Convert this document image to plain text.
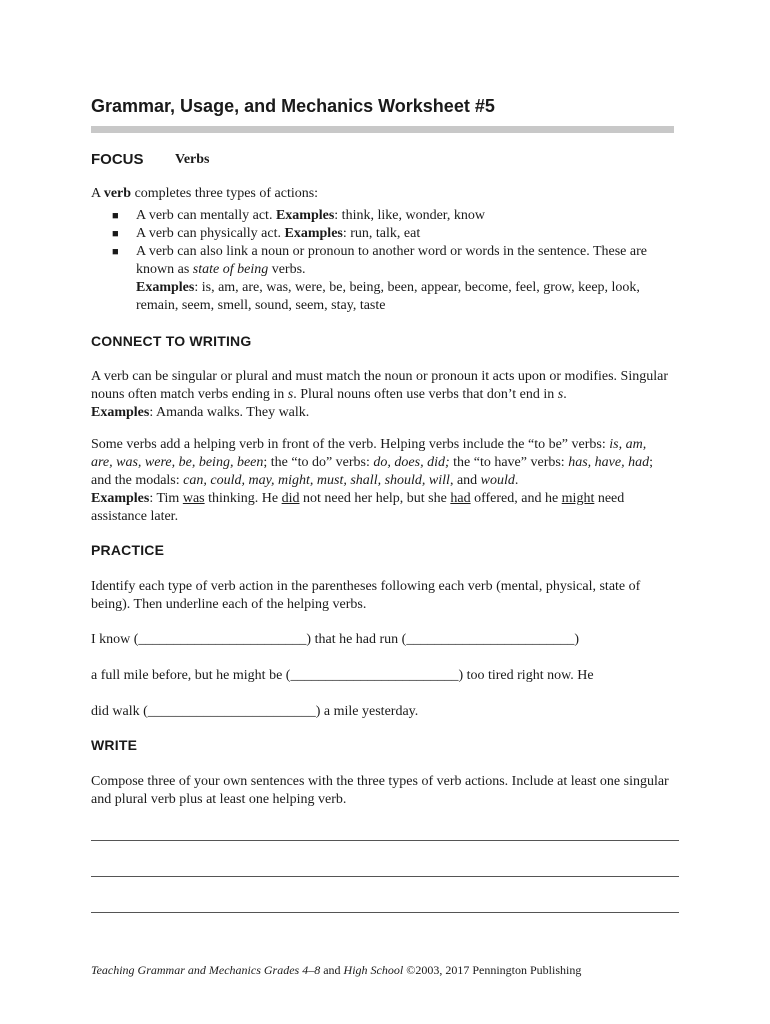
Grammar, Usage, and Mechanics Worksheet #5
FOCUS Verbs
A verb completes three types of actions:
■ A verb can mentally act. Examples: think, like, wonder, know
■ A verb can physically act. Examples: run, talk, eat
■ A verb can also link a noun or pronoun to another word or words in the sentence. These are known as state of being verbs.
Examples: is, am, are, was, were, be, being, been, appear, become, feel, grow, keep, look, remain, seem, smell, sound, seem, stay, taste
CONNECT TO WRITING
A verb can be singular or plural and must match the noun or pronoun it acts upon or modifies. Singular nouns often match verbs ending in s. Plural nouns often use verbs that don’t end in s.
Examples: Amanda walks. They walk.
Some verbs add a helping verb in front of the verb. Helping verbs include the “to be” verbs: is, am, are, was, were, be, being, been; the “to do” verbs: do, does, did; the “to have” verbs: has, have, had; and the modals: can, could, may, might, must, shall, should, will, and would.
Examples: Tim was thinking. He did not need her help, but she had offered, and he might need assistance later.
PRACTICE
Identify each type of verb action in the parentheses following each verb (mental, physical, state of being). Then underline each of the helping verbs.
I know (________________________) that he had run (________________________)
a full mile before, but he might be (________________________) too tired right now. He
did walk (________________________) a mile yesterday.
WRITE
Compose three of your own sentences with the three types of verb actions. Include at least one singular and plural verb plus at least one helping verb.
Teaching Grammar and Mechanics Grades 4–8 and High School ©2003, 2017 Pennington Publishing
